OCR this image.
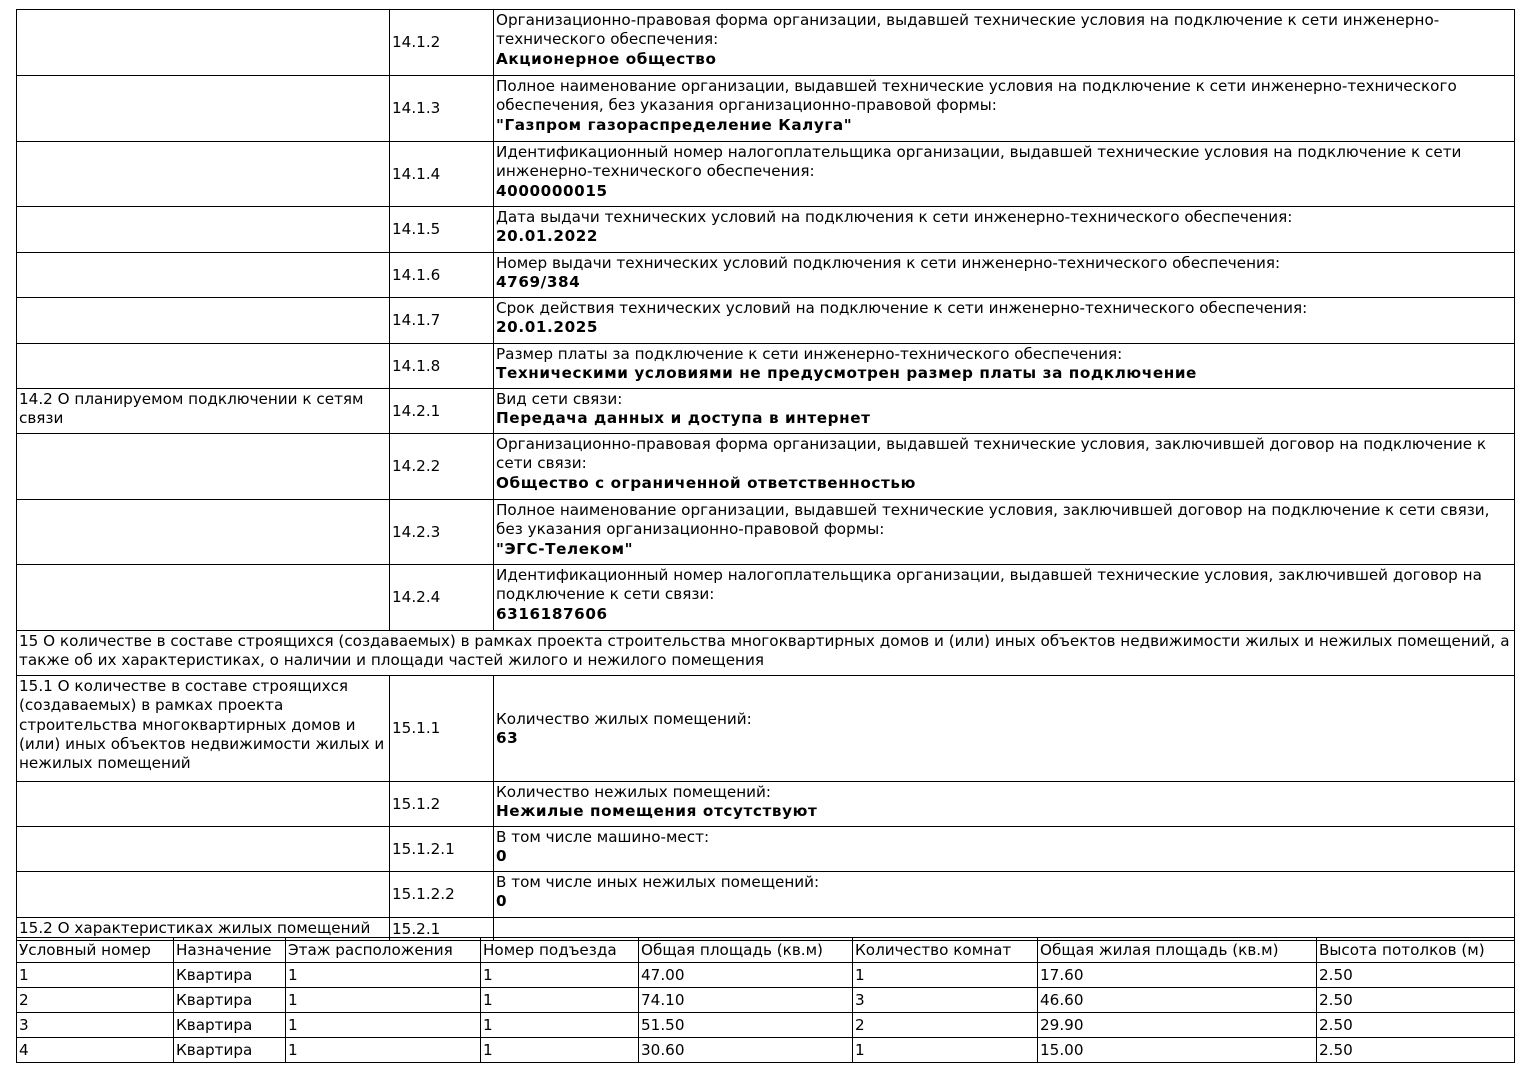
	14.1.2	Организационно-правовая форма организации, выдавшей технические условия на подключение к сети инженерно-технического обеспечения:
Акционерное общество

	14.1.3	Полное наименование организации, выдавшей технические условия на подключение к сети инженерно-технического обеспечения, без указания организационно-правовой формы:
"Газпром газораспределение Калуга"

	14.1.4	Идентификационный номер налогоплательщика организации, выдавшей технические условия на подключение к сети инженерно-технического обеспечения:
4000000015

	14.1.5	Дата выдачи технических условий на подключения к сети инженерно-технического обеспечения:
20.01.2022

	14.1.6	Номер выдачи технических условий подключения к сети инженерно-технического обеспечения:
4769/384

	14.1.7	Срок действия технических условий на подключение к сети инженерно-технического обеспечения:
20.01.2025

	14.1.8	Размер платы за подключение к сети инженерно-технического обеспечения:
Техническими условиями не предусмотрен размер платы за подключение

14.2 О планируемом подключении к сетям связи	14.2.1	Вид сети связи:
Передача данных и доступа в интернет

	14.2.2	Организационно-правовая форма организации, выдавшей технические условия, заключившей договор на подключение к сети связи:
Общество с ограниченной ответственностью

	14.2.3	Полное наименование организации, выдавшей технические условия, заключившей договор на подключение к сети связи, без указания организационно-правовой формы:
"ЭГС-Телеком"

	14.2.4	Идентификационный номер налогоплательщика организации, выдавшей технические условия, заключившей договор на подключение к сети связи:
6316187606

15 О количестве в составе строящихся (создаваемых) в рамках проекта строительства многоквартирных домов и (или) иных объектов недвижимости жилых и нежилых помещений, а также об их характеристиках, о наличии и площади частей жилого и нежилого помещения		
15.1 О количестве в составе строящихся (создаваемых) в рамках проекта строительства многоквартирных домов и (или) иных объектов недвижимости жилых и нежилых помещений	15.1.1	Количество жилых помещений:
63

	15.1.2	Количество нежилых помещений:
Нежилые помещения отсутствуют

	15.1.2.1	В том числе машино-мест:
0

	15.1.2.2	В том числе иных нежилых помещений:
0

15.2 О характеристиках жилых помещений	15.2.1	
Условный номер	Назначение	Этаж расположения	Номер подъезда	Общая площадь (кв.м)	Количество комнат	Общая жилая площадь (кв.м)	Высота потолков (м)
1	Квартира	1	1	47.00	1	17.60	2.50
2	Квартира	1	1	74.10	3	46.60	2.50
3	Квартира	1	1	51.50	2	29.90	2.50
4	Квартира	1	1	30.60	1	15.00	2.50
